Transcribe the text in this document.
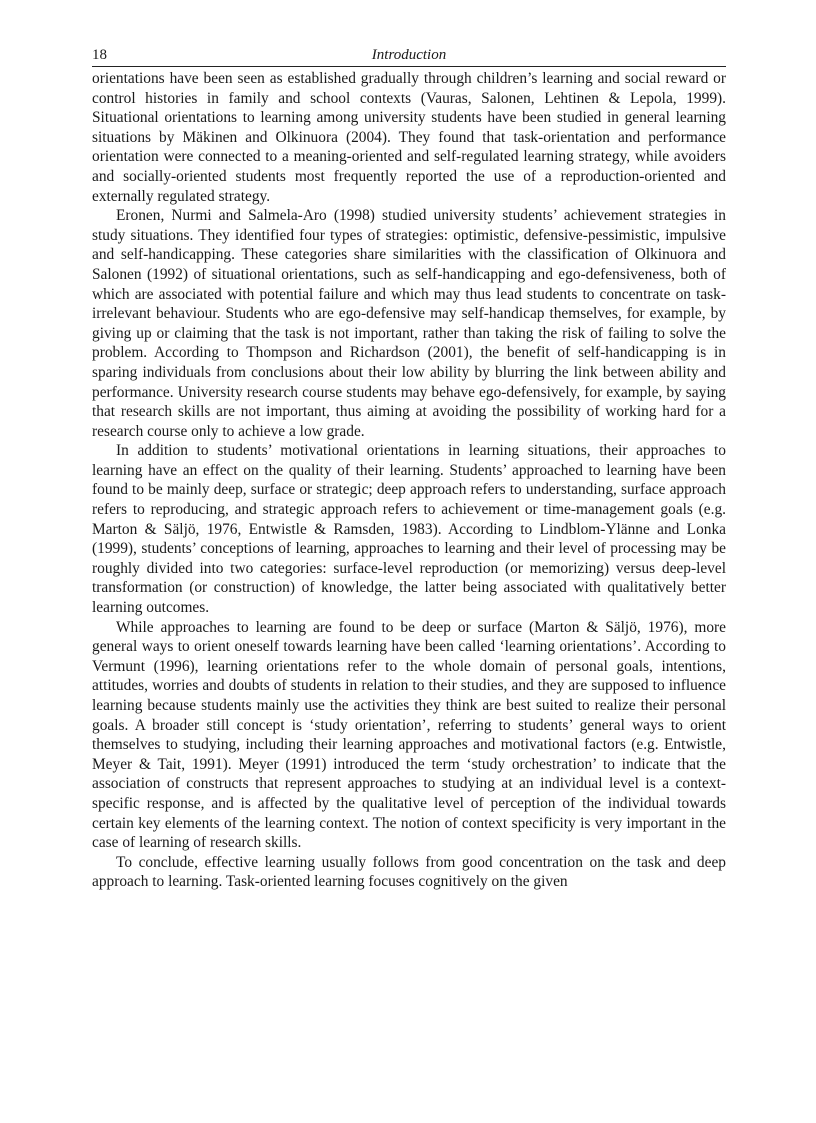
18	Introduction

orientations have been seen as established gradually through children’s learning and social reward or control histories in family and school contexts (Vauras, Salonen, Lehtinen & Lepola, 1999). Situational orientations to learning among university students have been studied in general learning situations by Mäkinen and Olkinuora (2004). They found that task-orientation and performance orientation were connected to a meaning-oriented and self-regulated learning strategy, while avoiders and socially-oriented students most frequently reported the use of a reproduction-oriented and externally regulated strategy.

Eronen, Nurmi and Salmela-Aro (1998) studied university students’ achievement strategies in study situations. They identified four types of strategies: optimistic, defensive-pessimistic, impulsive and self-handicapping. These categories share similarities with the classification of Olkinuora and Salonen (1992) of situational orientations, such as self-handicapping and ego-defensiveness, both of which are associated with potential failure and which may thus lead students to concentrate on task-irrelevant behaviour. Students who are ego-defensive may self-handicap themselves, for example, by giving up or claiming that the task is not important, rather than taking the risk of failing to solve the problem. According to Thompson and Richardson (2001), the benefit of self-handicapping is in sparing individuals from conclusions about their low ability by blurring the link between ability and performance. University research course students may behave ego-defensively, for example, by saying that research skills are not important, thus aiming at avoiding the possibility of working hard for a research course only to achieve a low grade.

In addition to students’ motivational orientations in learning situations, their approaches to learning have an effect on the quality of their learning. Students’ approached to learning have been found to be mainly deep, surface or strategic; deep approach refers to understanding, surface approach refers to reproducing, and strategic approach refers to achievement or time-management goals (e.g. Marton & Säljö, 1976, Entwistle & Ramsden, 1983). According to Lindblom-Ylänne and Lonka (1999), students’ conceptions of learning, approaches to learning and their level of processing may be roughly divided into two categories: surface-level reproduction (or memorizing) versus deep-level transformation (or construction) of knowledge, the latter being associated with qualitatively better learning outcomes.

While approaches to learning are found to be deep or surface (Marton & Säljö, 1976), more general ways to orient oneself towards learning have been called ‘learning orientations’. According to Vermunt (1996), learning orientations refer to the whole domain of personal goals, intentions, attitudes, worries and doubts of students in relation to their studies, and they are supposed to influence learning because students mainly use the activities they think are best suited to realize their personal goals. A broader still concept is ‘study orientation’, referring to students’ general ways to orient themselves to studying, including their learning approaches and motivational factors (e.g. Entwistle, Meyer & Tait, 1991). Meyer (1991) introduced the term ‘study orchestration’ to indicate that the association of constructs that represent approaches to studying at an individual level is a context-specific response, and is affected by the qualitative level of perception of the individual towards certain key elements of the learning context. The notion of context specificity is very important in the case of learning of research skills.

To conclude, effective learning usually follows from good concentration on the task and deep approach to learning. Task-oriented learning focuses cognitively on the given
